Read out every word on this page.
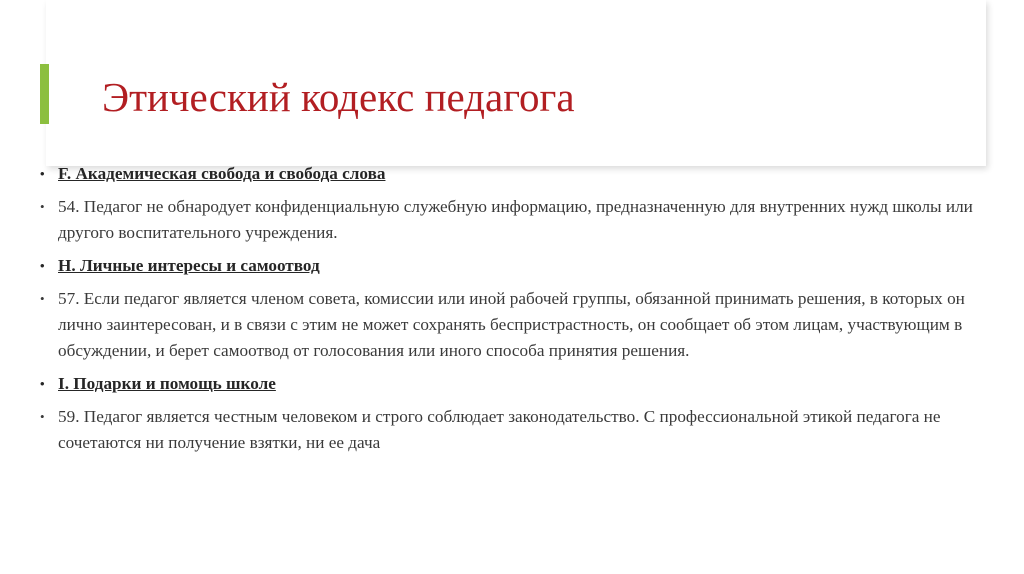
Этический кодекс педагога
• F. Академическая свобода и свобода слова
• 54. Педагог не обнародует конфиденциальную служебную информацию, предназначенную для внутренних нужд школы или другого воспитательного учреждения.
• H. Личные интересы и самоотвод
• 57. Если педагог является членом совета, комиссии или иной рабочей группы, обязанной принимать решения, в которых он лично заинтересован, и в связи с этим не может сохранять беспристрастность, он сообщает об этом лицам, участвующим в обсуждении, и берет самоотвод от голосования или иного способа принятия решения.
• I. Подарки и помощь школе
• 59. Педагог является честным человеком и строго соблюдает законодательство. С профессиональной этикой педагога не сочетаются ни получение взятки, ни ее дача
